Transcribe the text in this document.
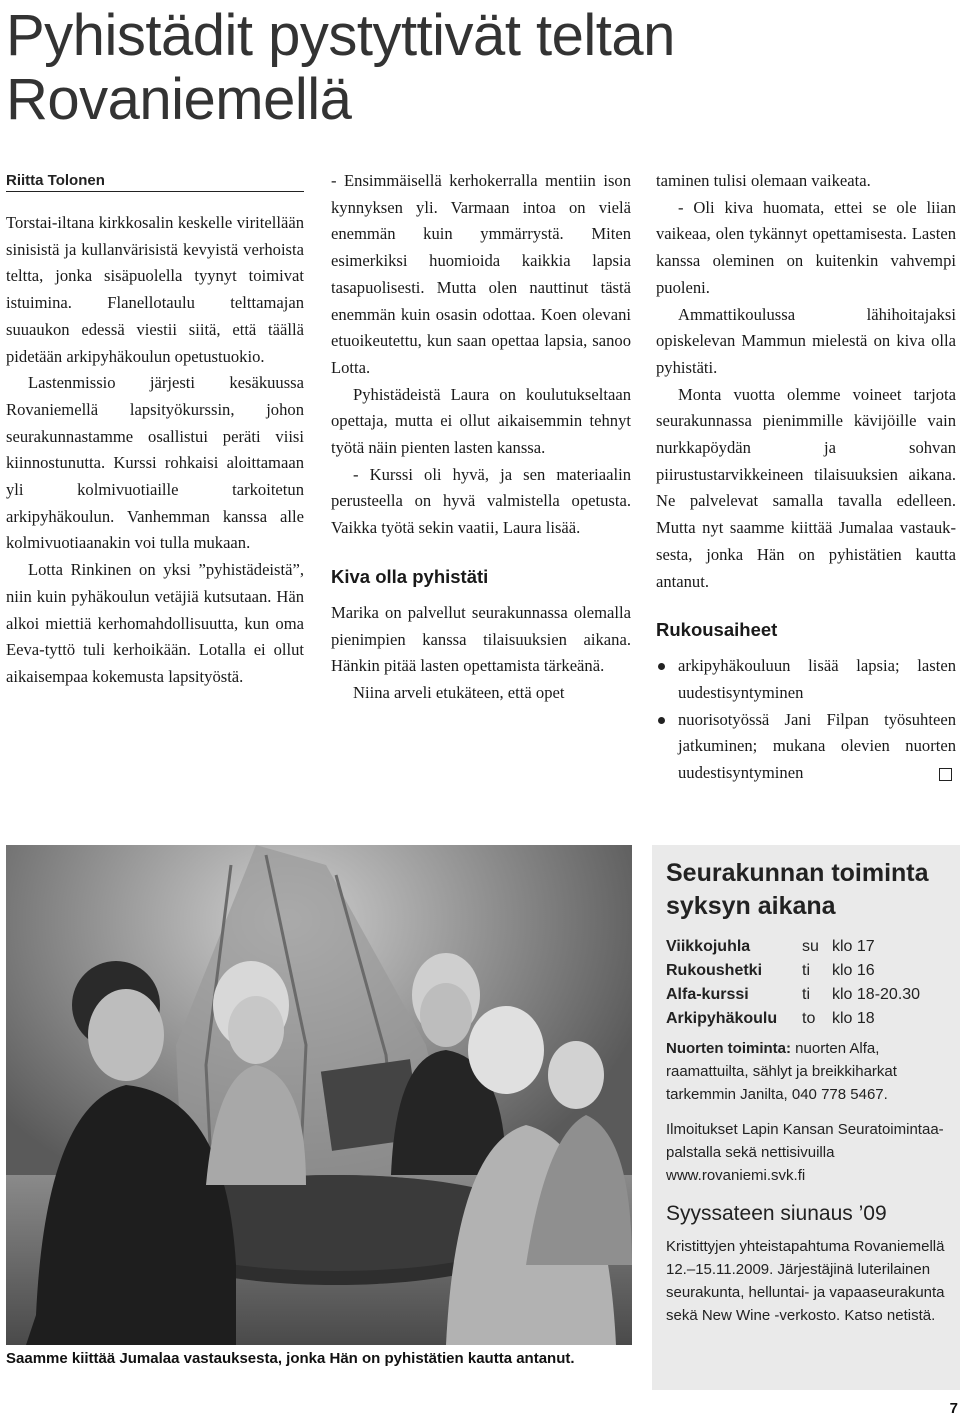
Pyhistädit pystyttivät teltan Rovaniemellä
Riitta Tolonen

Torstai-iltana kirkkosalin keskelle viritellään sinisistä ja kullanvärisistä kevyistä verhoista teltta, jonka sisäpuolella tyynyt toimivat istuimina. Flanellotaulu telttamajan suuaukon edessä viestii siitä, että täällä pidetään arkipyhäkoulun opetustuokio.

Lastenmissio järjesti kesäkuussa Rovaniemellä lapsityökurssin, johon seurakunnastamme osallistui peräti viisi kiinnostunutta. Kurssi rohkaisi aloittamaan yli kolmivuotiaille tarkoitetun arkipyhäkoulun. Vanhemman kanssa alle kolmivuotiaanakin voi tulla mukaan.

Lotta Rinkinen on yksi ”pyhistädeistä”, niin kuin pyhäkoulun vetäjiä kutsutaan. Hän alkoi miettiä kerhomahdollisuutta, kun oma Eeva-tyttö tuli kerhoikään. Lotalla ei ollut aikaisempaa kokemusta lapsityöstä.

- Ensimmäisellä kerhokerralla mentiin ison kynnyksen yli. Varmaan intoa on vielä enemmän kuin ymmärrystä. Miten esimerkiksi huomioida kaikkia lapsia tasapuolisesti. Mutta olen nauttinut tästä enemmän kuin osasin odottaa. Koen olevani etuoikeutettu, kun saan opettaa lapsia, sanoo Lotta.

Pyhistädeistä Laura on koulutukseltaan opettaja, mutta ei ollut aikaisemmin tehnyt työtä näin pienten lasten kanssa.

- Kurssi oli hyvä, ja sen materiaalin perusteella on hyvä valmistella opetusta. Vaikka työtä sekin vaatii, Laura lisää.

Kiva olla pyhistäti

Marika on palvellut seurakunnassa olemalla pienimpien kanssa tilaisuuksien aikana. Hänkin pitää lasten opettamista tärkeänä.

Niina arveli etukäteen, että opet

taminen tulisi olemaan vaikeata.

- Oli kiva huomata, ettei se ole liian vaikeaa, olen tykännyt opettamisesta. Lasten kanssa oleminen on kuitenkin vahvempi puoleni.

Ammattikoulussa lähihoitajaksi opiskelevan Mammun mielestä on kiva olla pyhistäti.

Monta vuotta olemme voineet tarjota seurakunnassa pienimmille kävijöille vain nurkkapöydän ja sohvan piirustustarvikkeineen tilaisuuksien aikana. Ne palvelevat samalla tavalla edelleen. Mutta nyt saamme kiittää Jumalaa vastauksesta, jonka Hän on pyhistätien kautta antanut.

Rukousaiheet
arkipyhäkouluun lisää lapsia; lasten uudestisyntyminen
nuorisotyössä Jani Filpan työsuhteen jatkuminen; mukana olevien nuorten uudestisyntyminen
Saamme kiittää Jumalaa vastauksesta, jonka Hän on pyhistätien kautta antanut.
Seurakunnan toiminta syksyn aikana
Viikkojuhla	su	klo 17
Rukoushetki	ti	klo 16
Alfa-kurssi	ti	klo 18-20.30
Arkipyhäkoulu	to	klo 18

Nuorten toiminta: nuorten Alfa, raamattuilta, sählyt ja breikkiharkat tarkemmin Janilta, 040 778 5467.

Ilmoitukset Lapin Kansan Seuratoimintaa-palstalla sekä nettisivuilla www.rovaniemi.svk.fi

Syyssateen siunaus ’09

Kristittyjen yhteistapahtuma Rovaniemellä 12.–15.11.2009. Järjestäjinä luterilainen seurakunta, helluntai- ja vapaaseurakunta sekä New Wine -verkosto. Katso netistä.

7
